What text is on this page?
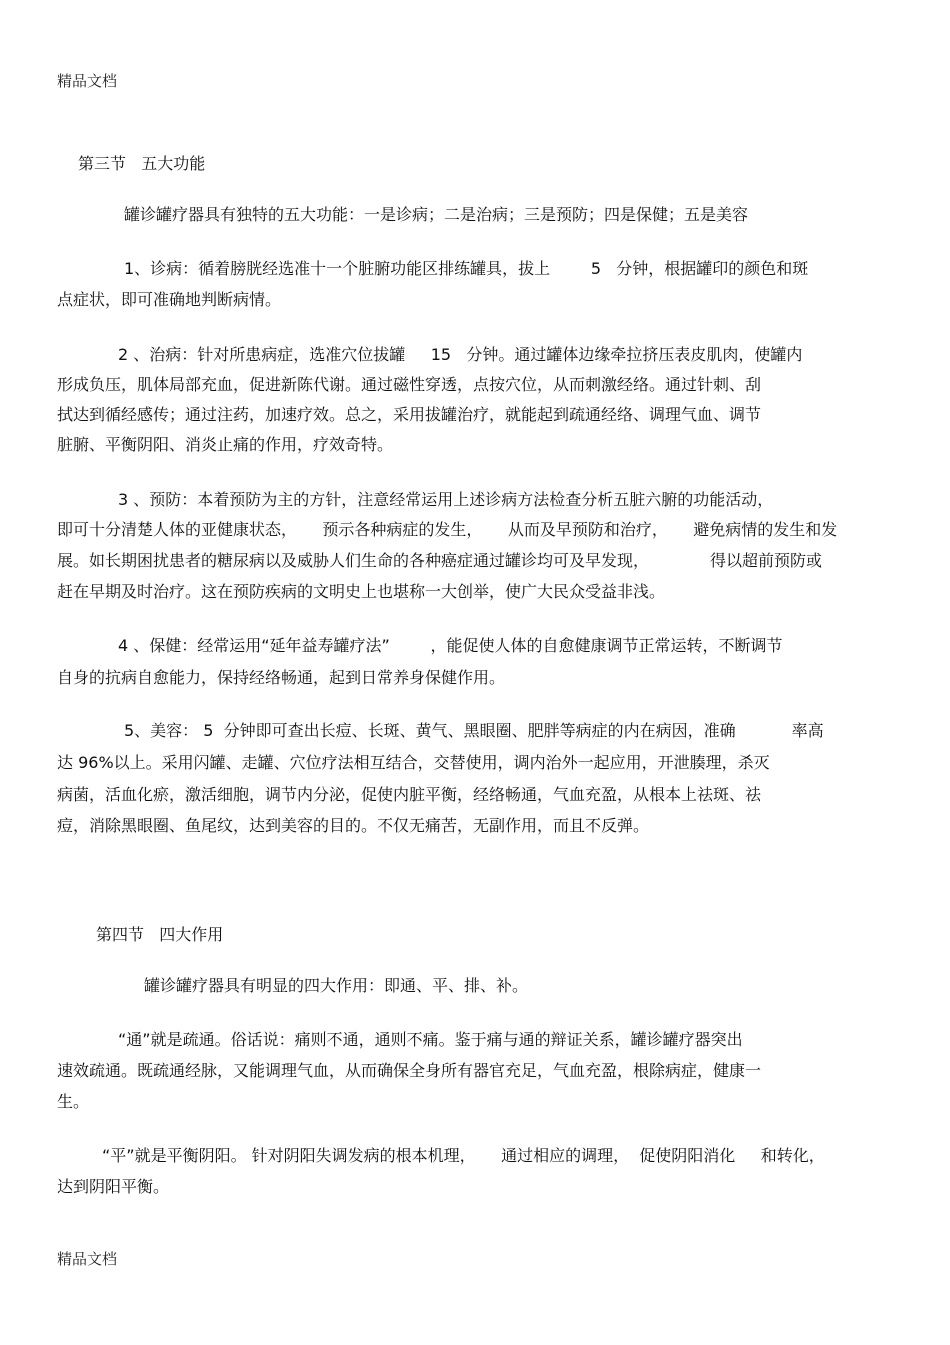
精品文档
第三节   五大功能
罐诊罐疗器具有独特的五大功能：一是诊病；二是治病；三是预防；四是保健；五是美容
1、诊病：循着膀胱经选准十一个脏腑功能区排练罐具，拔上        5   分钟，根据罐印的颜色和斑
点症状，即可准确地判断病情。
2 、治病：针对所患病症，选准穴位拔罐     15   分钟。通过罐体边缘牵拉挤压表皮肌肉，使罐内
形成负压，肌体局部充血，促进新陈代谢。通过磁性穿透，点按穴位，从而刺激经络。通过针刺、刮
拭达到循经感传；通过注药，加速疗效。总之，采用拔罐治疗，就能起到疏通经络、调理气血、调节
脏腑、平衡阴阳、消炎止痛的作用，疗效奇特。
3 、预防：本着预防为主的方针，注意经常运用上述诊病方法检查分析五脏六腑的功能活动，
即可十分清楚人体的亚健康状态，     预示各种病症的发生，     从而及早预防和治疗，     避免病情的发生和发
展。如长期困扰患者的糖尿病以及威胁人们生命的各种癌症通过罐诊均可及早发现，            得以超前预防或
赶在早期及时治疗。这在预防疾病的文明史上也堪称一大创举，使广大民众受益非浅。
4 、保健：经常运用“延年益寿罐疗法”        ，能促使人体的自愈健康调节正常运转，不断调节
自身的抗病自愈能力，保持经络畅通，起到日常养身保健作用。
5、美容： 5  分钟即可查出长痘、长斑、黄气、黑眼圈、肥胖等病症的内在病因，准确           率高
达 96%以上。采用闪罐、走罐、穴位疗法相互结合，交替使用，调内治外一起应用，开泄腠理，杀灭
病菌，活血化瘀，激活细胞，调节内分泌，促使内脏平衡，经络畅通，气血充盈，从根本上祛斑、祛
痘，消除黑眼圈、鱼尾纹，达到美容的目的。不仅无痛苦，无副作用，而且不反弹。
第四节   四大作用
罐诊罐疗器具有明显的四大作用：即通、平、排、补。
“通”就是疏通。俗话说：痛则不通，通则不痛。鉴于痛与通的辩证关系，罐诊罐疗器突出
速效疏通。既疏通经脉，又能调理气血，从而确保全身所有器官充足，气血充盈，根除病症，健康一
生。
“平”就是平衡阴阳。 针对阴阳失调发病的根本机理，     通过相应的调理，  促使阴阳消化     和转化，
达到阴阳平衡。
精品文档
